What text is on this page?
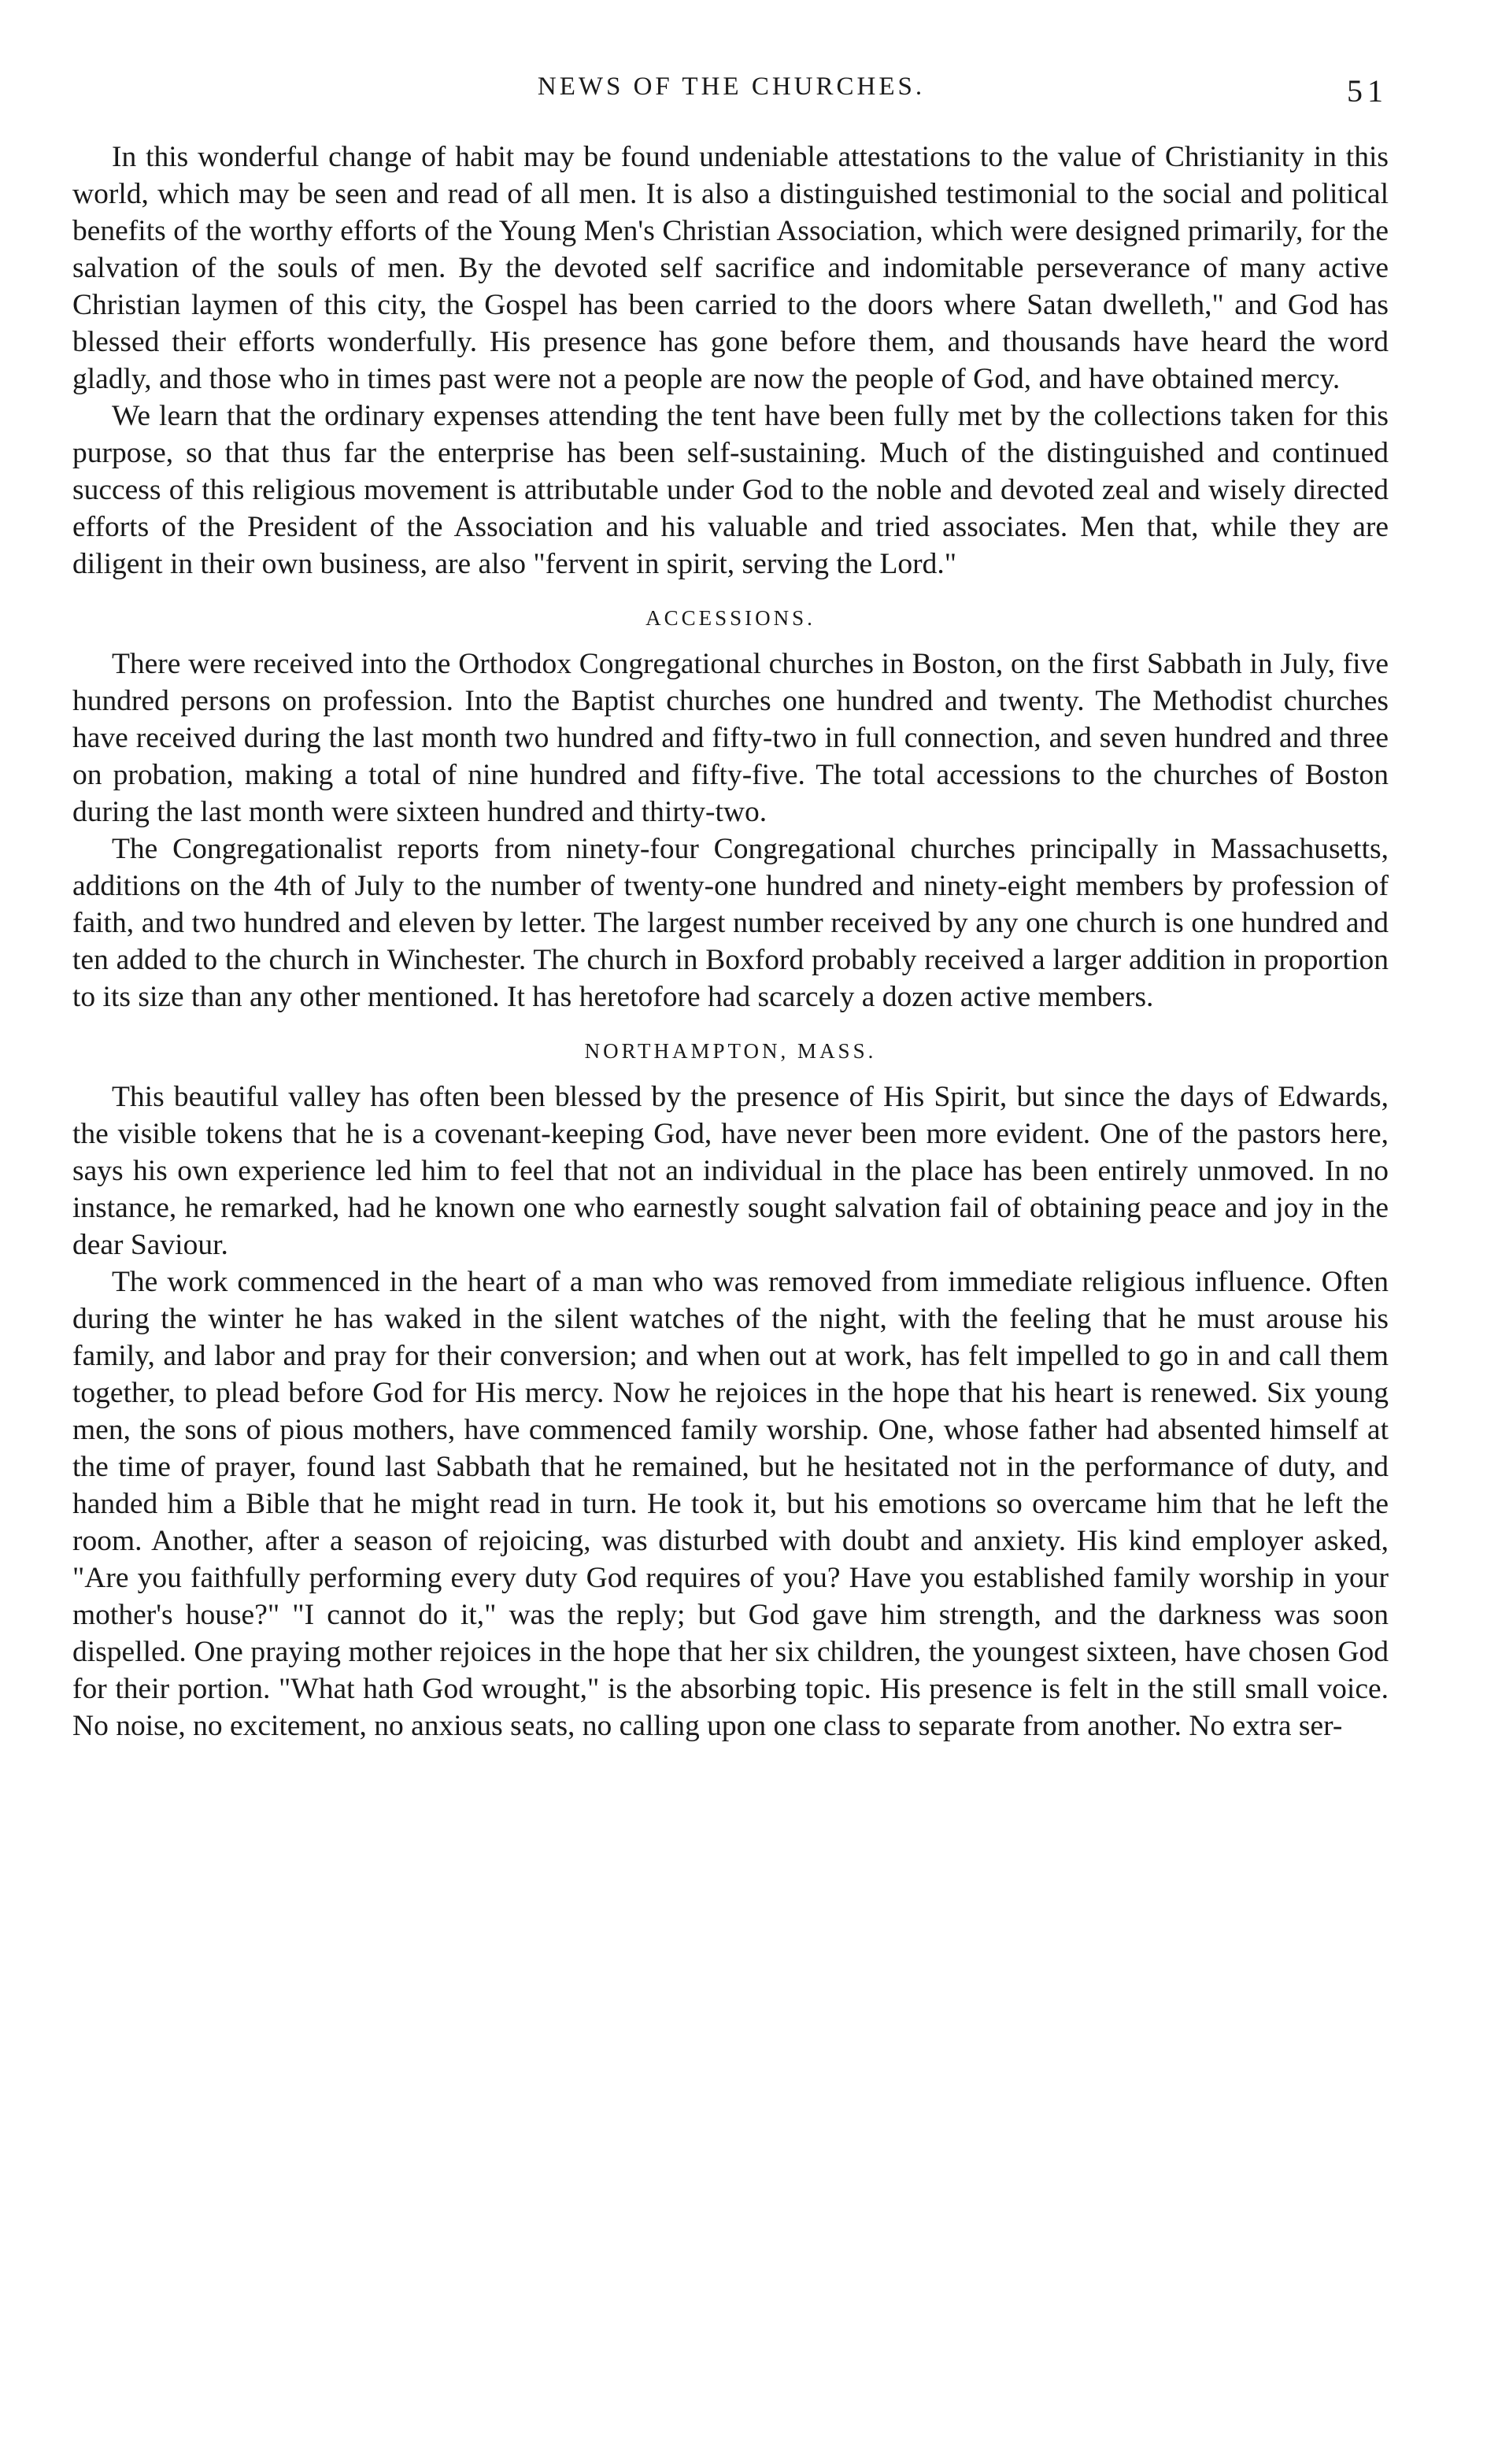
NEWS OF THE CHURCHES.	51

In this wonderful change of habit may be found undeniable attestations to the value of Christianity in this world, which may be seen and read of all men. It is also a distinguished testimonial to the social and political benefits of the worthy efforts of the Young Men's Christian Association, which were designed primarily, for the salvation of the souls of men. By the devoted self sacrifice and indomitable perseverance of many active Christian laymen of this city, the Gospel has been carried to the doors where Satan dwelleth," and God has blessed their efforts wonderfully. His presence has gone before them, and thousands have heard the word gladly, and those who in times past were not a people are now the people of God, and have obtained mercy.

We learn that the ordinary expenses attending the tent have been fully met by the collections taken for this purpose, so that thus far the enterprise has been self-sustaining. Much of the distinguished and continued success of this religious movement is attributable under God to the noble and devoted zeal and wisely directed efforts of the President of the Association and his valuable and tried associates. Men that, while they are diligent in their own business, are also "fervent in spirit, serving the Lord."

ACCESSIONS.

There were received into the Orthodox Congregational churches in Boston, on the first Sabbath in July, five hundred persons on profession. Into the Baptist churches one hundred and twenty. The Methodist churches have received during the last month two hundred and fifty-two in full connection, and seven hundred and three on probation, making a total of nine hundred and fifty-five. The total accessions to the churches of Boston during the last month were sixteen hundred and thirty-two.

The Congregationalist reports from ninety-four Congregational churches principally in Massachusetts, additions on the 4th of July to the number of twenty-one hundred and ninety-eight members by profession of faith, and two hundred and eleven by letter. The largest number received by any one church is one hundred and ten added to the church in Winchester. The church in Boxford probably received a larger addition in proportion to its size than any other mentioned. It has heretofore had scarcely a dozen active members.

NORTHAMPTON, MASS.

This beautiful valley has often been blessed by the presence of His Spirit, but since the days of Edwards, the visible tokens that he is a covenant-keeping God, have never been more evident. One of the pastors here, says his own experience led him to feel that not an individual in the place has been entirely unmoved. In no instance, he remarked, had he known one who earnestly sought salvation fail of obtaining peace and joy in the dear Saviour.

The work commenced in the heart of a man who was removed from immediate religious influence. Often during the winter he has waked in the silent watches of the night, with the feeling that he must arouse his family, and labor and pray for their conversion; and when out at work, has felt impelled to go in and call them together, to plead before God for His mercy. Now he rejoices in the hope that his heart is renewed. Six young men, the sons of pious mothers, have commenced family worship. One, whose father had absented himself at the time of prayer, found last Sabbath that he remained, but he hesitated not in the performance of duty, and handed him a Bible that he might read in turn. He took it, but his emotions so overcame him that he left the room. Another, after a season of rejoicing, was disturbed with doubt and anxiety. His kind employer asked, "Are you faithfully performing every duty God requires of you? Have you established family worship in your mother's house?" "I cannot do it," was the reply; but God gave him strength, and the darkness was soon dispelled. One praying mother rejoices in the hope that her six children, the youngest sixteen, have chosen God for their portion. "What hath God wrought," is the absorbing topic. His presence is felt in the still small voice. No noise, no excitement, no anxious seats, no calling upon one class to separate from another. No extra ser-
